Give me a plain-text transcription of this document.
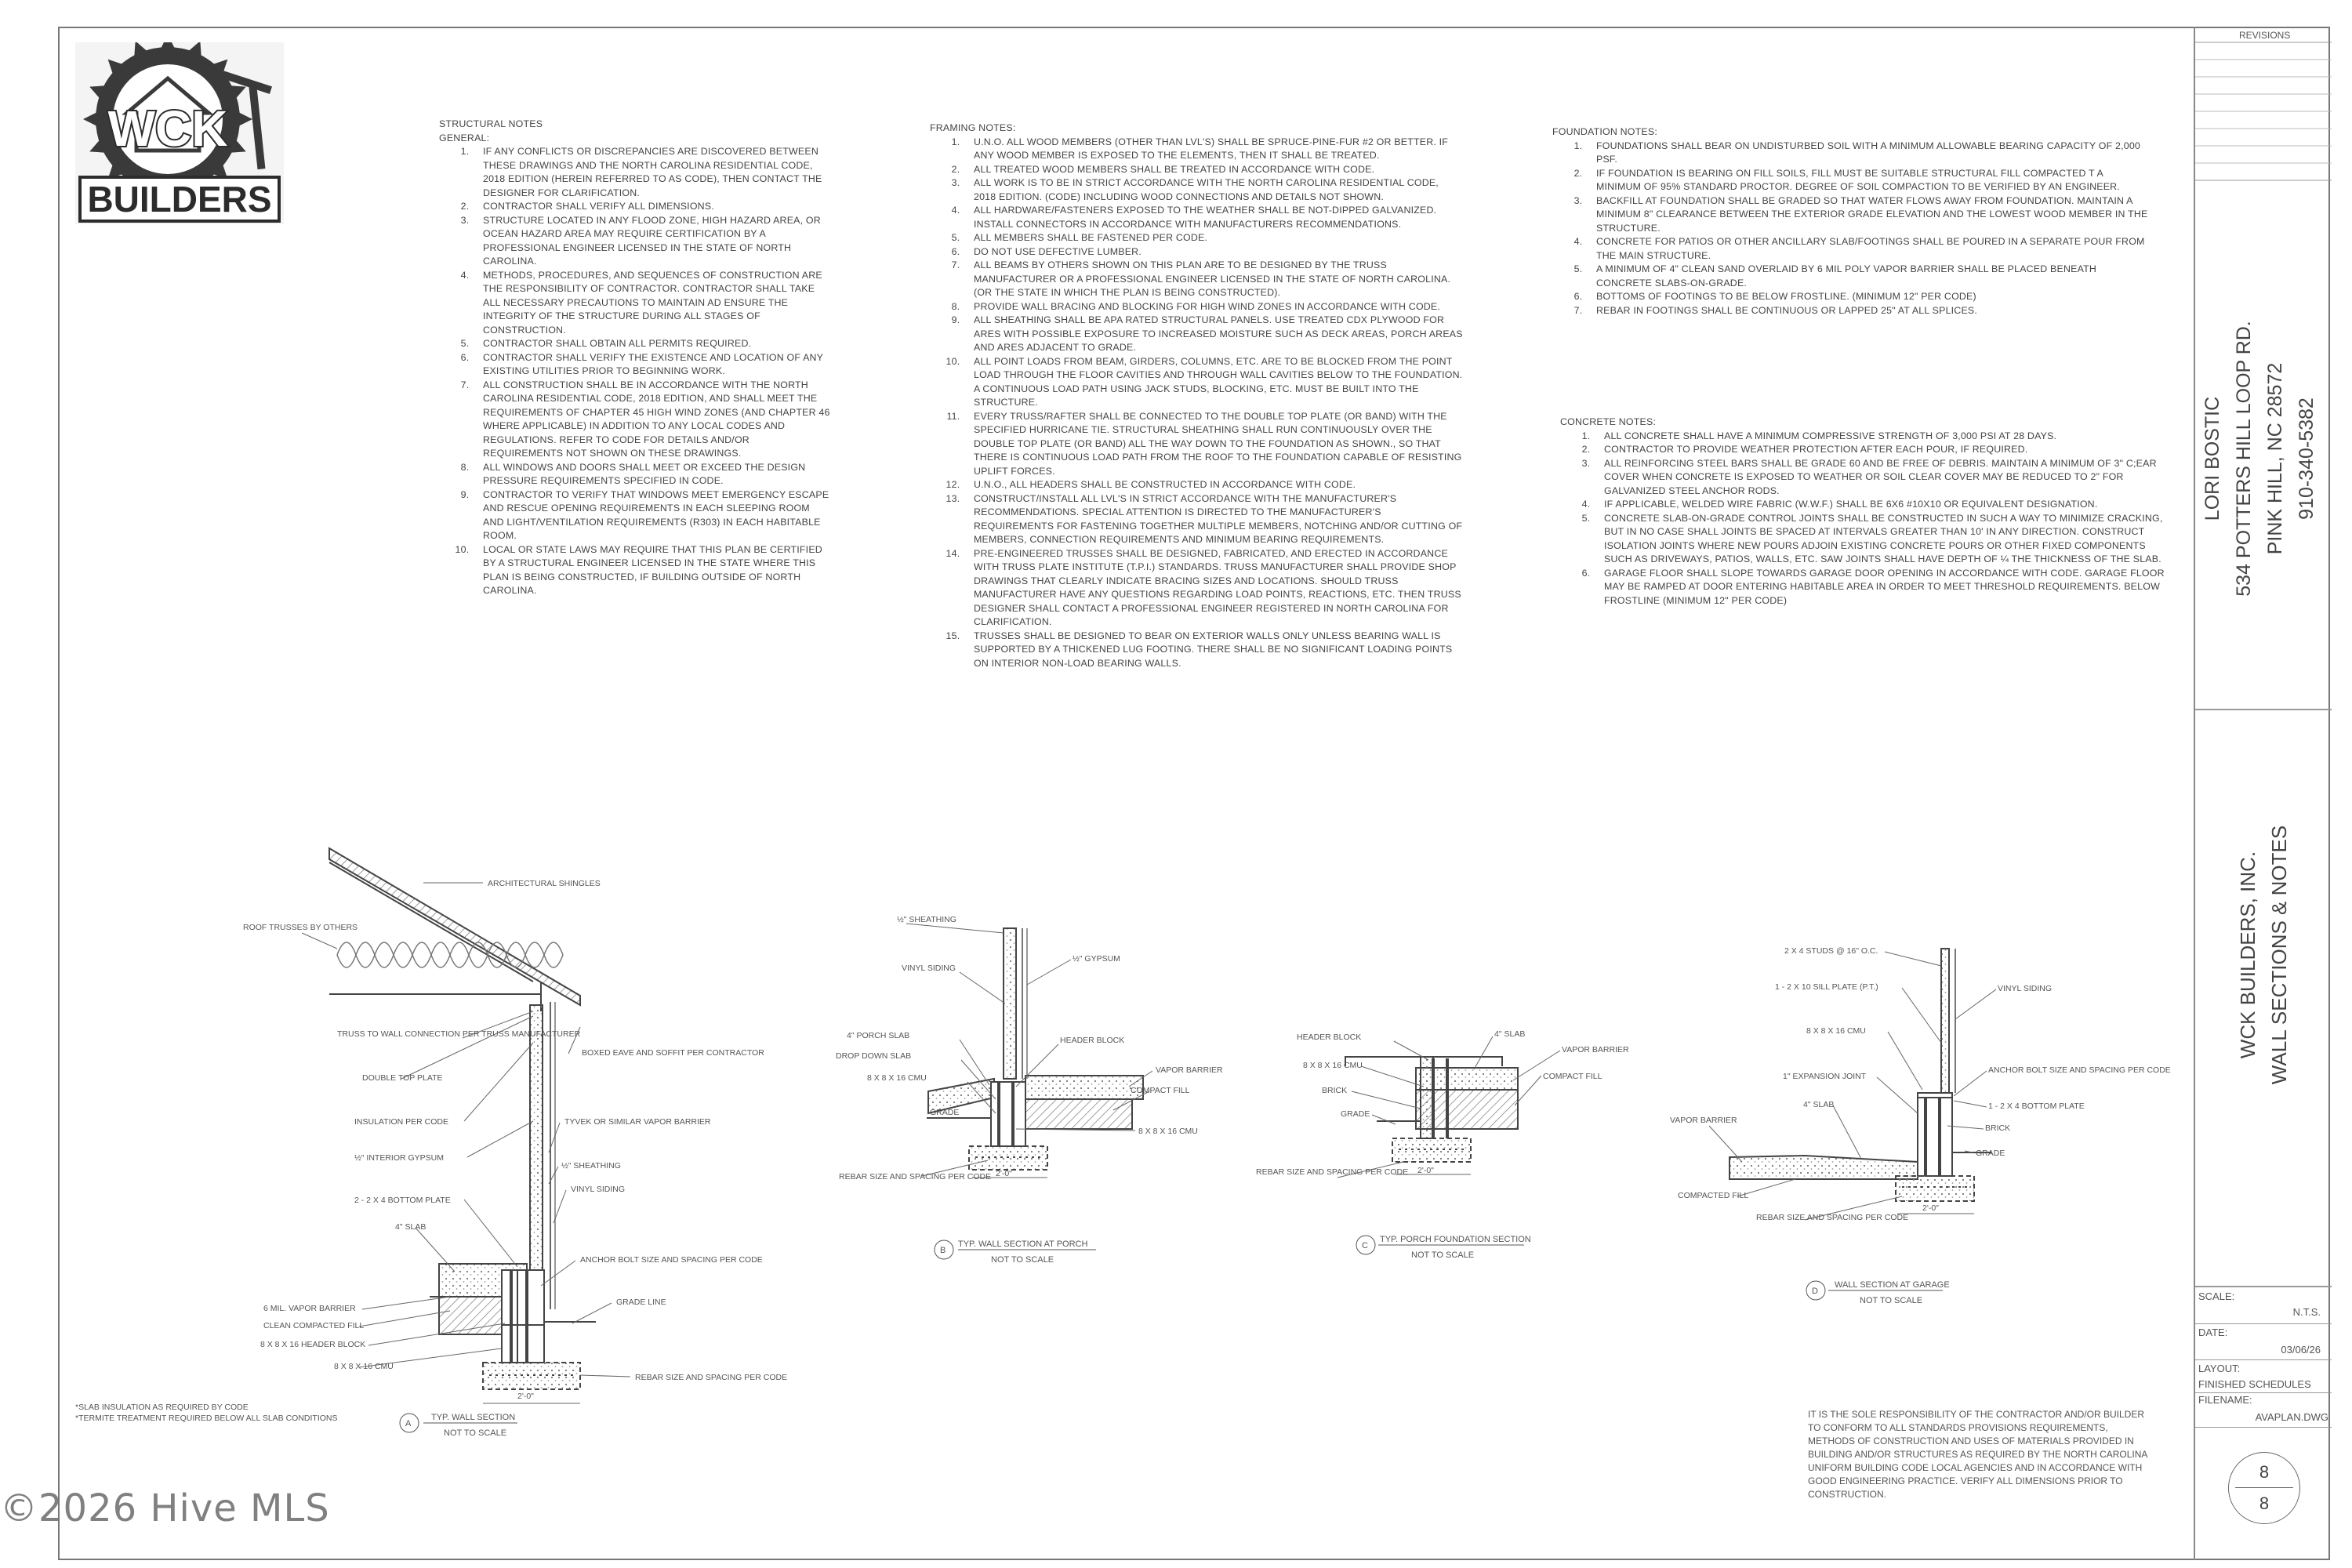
WCK
BUILDERS
STRUCTURAL NOTES
GENERAL:
1. IF ANY CONFLICTS OR DISCREPANCIES ARE DISCOVERED BETWEEN THESE DRAWINGS AND THE NORTH CAROLINA RESIDENTIAL CODE, 2018 EDITION (HEREIN REFERRED TO AS CODE), THEN CONTACT THE DESIGNER FOR CLARIFICATION.
2. CONTRACTOR SHALL VERIFY ALL DIMENSIONS.
3. STRUCTURE LOCATED IN ANY FLOOD ZONE, HIGH HAZARD AREA, OR OCEAN HAZARD AREA MAY REQUIRE CERTIFICATION BY A PROFESSIONAL ENGINEER LICENSED IN THE STATE OF NORTH CAROLINA.
4. METHODS, PROCEDURES, AND SEQUENCES OF CONSTRUCTION ARE THE RESPONSIBILITY OF CONTRACTOR. CONTRACTOR SHALL TAKE ALL NECESSARY PRECAUTIONS TO MAINTAIN AD ENSURE THE INTEGRITY OF THE STRUCTURE DURING ALL STAGES OF CONSTRUCTION.
5. CONTRACTOR SHALL OBTAIN ALL PERMITS REQUIRED.
6. CONTRACTOR SHALL VERIFY THE EXISTENCE AND LOCATION OF ANY EXISTING UTILITIES PRIOR TO BEGINNING WORK.
7. ALL CONSTRUCTION SHALL BE IN ACCORDANCE WITH THE NORTH CAROLINA RESIDENTIAL CODE, 2018 EDITION, AND SHALL MEET THE REQUIREMENTS OF CHAPTER 45 HIGH WIND ZONES (AND CHAPTER 46 WHERE APPLICABLE) IN ADDITION TO ANY LOCAL CODES AND REGULATIONS. REFER TO CODE FOR DETAILS AND/OR REQUIREMENTS NOT SHOWN ON THESE DRAWINGS.
8. ALL WINDOWS AND DOORS SHALL MEET OR EXCEED THE DESIGN PRESSURE REQUIREMENTS SPECIFIED IN CODE.
9. CONTRACTOR TO VERIFY THAT WINDOWS MEET EMERGENCY ESCAPE AND RESCUE OPENING REQUIREMENTS IN EACH SLEEPING ROOM AND LIGHT/VENTILATION REQUIREMENTS (R303) IN EACH HABITABLE ROOM.
10. LOCAL OR STATE LAWS MAY REQUIRE THAT THIS PLAN BE CERTIFIED BY A STRUCTURAL ENGINEER LICENSED IN THE STATE WHERE THIS PLAN IS BEING CONSTRUCTED, IF BUILDING OUTSIDE OF NORTH CAROLINA.
FRAMING NOTES:
1. U.N.O. ALL WOOD MEMBERS (OTHER THAN LVL'S) SHALL BE SPRUCE-PINE-FUR #2 OR BETTER. IF ANY WOOD MEMBER IS EXPOSED TO THE ELEMENTS, THEN IT SHALL BE TREATED.
2. ALL TREATED WOOD MEMBERS SHALL BE TREATED IN ACCORDANCE WITH CODE.
3. ALL WORK IS TO BE IN STRICT ACCORDANCE WITH THE NORTH CAROLINA RESIDENTIAL CODE, 2018 EDITION. (CODE) INCLUDING WOOD CONNECTIONS AND DETAILS NOT SHOWN.
4. ALL HARDWARE/FASTENERS EXPOSED TO THE WEATHER SHALL BE NOT-DIPPED GALVANIZED. INSTALL CONNECTORS IN ACCORDANCE WITH MANUFACTURERS RECOMMENDATIONS.
5. ALL MEMBERS SHALL BE FASTENED PER CODE.
6. DO NOT USE DEFECTIVE LUMBER.
7. ALL BEAMS BY OTHERS SHOWN ON THIS PLAN ARE TO BE DESIGNED BY THE TRUSS MANUFACTURER OR A PROFESSIONAL ENGINEER LICENSED IN THE STATE OF NORTH CAROLINA. (OR THE STATE IN WHICH THE PLAN IS BEING CONSTRUCTED).
8. PROVIDE WALL BRACING AND BLOCKING FOR HIGH WIND ZONES IN ACCORDANCE WITH CODE.
9. ALL SHEATHING SHALL BE APA RATED STRUCTURAL PANELS. USE TREATED CDX PLYWOOD FOR ARES WITH POSSIBLE EXPOSURE TO INCREASED MOISTURE SUCH AS DECK AREAS, PORCH AREAS AND ARES ADJACENT TO GRADE.
10. ALL POINT LOADS FROM BEAM, GIRDERS, COLUMNS, ETC. ARE TO BE BLOCKED FROM THE POINT LOAD THROUGH THE FLOOR CAVITIES AND THROUGH WALL CAVITIES BELOW TO THE FOUNDATION. A CONTINUOUS LOAD PATH USING JACK STUDS, BLOCKING, ETC. MUST BE BUILT INTO THE STRUCTURE.
11. EVERY TRUSS/RAFTER SHALL BE CONNECTED TO THE DOUBLE TOP PLATE (OR BAND) WITH THE SPECIFIED HURRICANE TIE. STRUCTURAL SHEATHING SHALL RUN CONTINUOUSLY OVER THE DOUBLE TOP PLATE (OR BAND) ALL THE WAY DOWN TO THE FOUNDATION AS SHOWN., SO THAT THERE IS CONTINUOUS LOAD PATH FROM THE ROOF TO THE FOUNDATION CAPABLE OF RESISTING UPLIFT FORCES.
12. U.N.O., ALL HEADERS SHALL BE CONSTRUCTED IN ACCORDANCE WITH CODE.
13. CONSTRUCT/INSTALL ALL LVL'S IN STRICT ACCORDANCE WITH THE MANUFACTURER'S RECOMMENDATIONS. SPECIAL ATTENTION IS DIRECTED TO THE MANUFACTURER'S REQUIREMENTS FOR FASTENING TOGETHER MULTIPLE MEMBERS, NOTCHING AND/OR CUTTING OF MEMBERS, CONNECTION REQUIREMENTS AND MINIMUM BEARING REQUIREMENTS.
14. PRE-ENGINEERED TRUSSES SHALL BE DESIGNED, FABRICATED, AND ERECTED IN ACCORDANCE WITH TRUSS PLATE INSTITUTE (T.P.I.) STANDARDS. TRUSS MANUFACTURER SHALL PROVIDE SHOP DRAWINGS THAT CLEARLY INDICATE BRACING SIZES AND LOCATIONS. SHOULD TRUSS MANUFACTURER HAVE ANY QUESTIONS REGARDING LOAD POINTS, REACTIONS, ETC. THEN TRUSS DESIGNER SHALL CONTACT A PROFESSIONAL ENGINEER REGISTERED IN NORTH CAROLINA FOR CLARIFICATION.
15. TRUSSES SHALL BE DESIGNED TO BEAR ON EXTERIOR WALLS ONLY UNLESS BEARING WALL IS SUPPORTED BY A THICKENED LUG FOOTING. THERE SHALL BE NO SIGNIFICANT LOADING POINTS ON INTERIOR NON-LOAD BEARING WALLS.
FOUNDATION NOTES:
1. FOUNDATIONS SHALL BEAR ON UNDISTURBED SOIL WITH A MINIMUM ALLOWABLE BEARING CAPACITY OF 2,000 PSF.
2. IF FOUNDATION IS BEARING ON FILL SOILS, FILL MUST BE SUITABLE STRUCTURAL FILL COMPACTED T A MINIMUM OF 95% STANDARD PROCTOR. DEGREE OF SOIL COMPACTION TO BE VERIFIED BY AN ENGINEER.
3. BACKFILL AT FOUNDATION SHALL BE GRADED SO THAT WATER FLOWS AWAY FROM FOUNDATION. MAINTAIN A MINIMUM 8" CLEARANCE BETWEEN THE EXTERIOR GRADE ELEVATION AND THE LOWEST WOOD MEMBER IN THE STRUCTURE.
4. CONCRETE FOR PATIOS OR OTHER ANCILLARY SLAB/FOOTINGS SHALL BE POURED IN A SEPARATE POUR FROM THE MAIN STRUCTURE.
5. A MINIMUM OF 4" CLEAN SAND OVERLAID BY 6 MIL POLY VAPOR BARRIER SHALL BE PLACED BENEATH CONCRETE SLABS-ON-GRADE.
6. BOTTOMS OF FOOTINGS TO BE BELOW FROSTLINE. (MINIMUM 12" PER CODE)
7. REBAR IN FOOTINGS SHALL BE CONTINUOUS OR LAPPED 25" AT ALL SPLICES.
CONCRETE NOTES:
1. ALL CONCRETE SHALL HAVE A MINIMUM COMPRESSIVE STRENGTH OF 3,000 PSI AT 28 DAYS.
2. CONTRACTOR TO PROVIDE WEATHER PROTECTION AFTER EACH POUR, IF REQUIRED.
3. ALL REINFORCING STEEL BARS SHALL BE GRADE 60 AND BE FREE OF DEBRIS. MAINTAIN A MINIMUM OF 3" C;EAR COVER WHEN CONCRETE IS EXPOSED TO WEATHER OR SOIL CLEAR COVER MAY BE REDUCED TO 2" FOR GALVANIZED STEEL ANCHOR RODS.
4. IF APPLICABLE, WELDED WIRE FABRIC (W.W.F.) SHALL BE 6X6 #10X10 OR EQUIVALENT DESIGNATION.
5. CONCRETE SLAB-ON-GRADE CONTROL JOINTS SHALL BE CONSTRUCTED IN SUCH A WAY TO MINIMIZE CRACKING, BUT IN NO CASE SHALL JOINTS BE SPACED AT INTERVALS GREATER THAN 10' IN ANY DIRECTION. CONSTRUCT ISOLATION JOINTS WHERE NEW POURS ADJOIN EXISTING CONCRETE POURS OR OTHER FIXED COMPONENTS SUCH AS DRIVEWAYS, PATIOS, WALLS, ETC. SAW JOINTS SHALL HAVE DEPTH OF ¼ THE THICKNESS OF THE SLAB.
6. GARAGE FLOOR SHALL SLOPE TOWARDS GARAGE DOOR OPENING IN ACCORDANCE WITH CODE. GARAGE FLOOR MAY BE RAMPED AT DOOR ENTERING HABITABLE AREA IN ORDER TO MEET THRESHOLD REQUIREMENTS. BELOW FROSTLINE (MINIMUM 12" PER CODE)
ARCHITECTURAL SHINGLES
ROOF TRUSSES BY OTHERS
TRUSS TO WALL CONNECTION PER TRUSS MANUFACTURER
BOXED EAVE AND SOFFIT PER CONTRACTOR
DOUBLE TOP PLATE
INSULATION PER CODE	TYVEK OR SIMILAR VAPOR BARRIER
½" INTERIOR GYPSUM
½" SHEATHING
VINYL SIDING
2 - 2 X 4 BOTTOM PLATE
4" SLAB
ANCHOR BOLT SIZE AND SPACING PER CODE
GRADE LINE
6 MIL. VAPOR BARRIER
CLEAN COMPACTED FILL
8 X 8 X 16 HEADER BLOCK
8 X 8 X 16 CMU
REBAR SIZE AND SPACING PER CODE
2'-0"
A
TYP. WALL SECTION
NOT TO SCALE
*SLAB INSULATION AS REQUIRED BY CODE
*TERMITE TREATMENT REQUIRED BELOW ALL SLAB CONDITIONS
½" SHEATHING
½" GYPSUM
VINYL SIDING
4" PORCH SLAB
DROP DOWN SLAB
8 X 8 X 16 CMU
GRADE
HEADER BLOCK
VAPOR BARRIER
COMPACT FILL
8 X 8 X 16 CMU
REBAR SIZE AND SPACING PER CODE 2'-0"
B
TYP. WALL SECTION AT PORCH
NOT TO SCALE
HEADER BLOCK	4" SLAB
VAPOR BARRIER
8 X 8 X 16 CMU
COMPACT FILL
BRICK
GRADE
REBAR SIZE AND SPACING PER CODE 2'-0"
C
TYP. PORCH FOUNDATION SECTION
NOT TO SCALE
2 X 4 STUDS @ 16" O.C.
VINYL SIDING
1 - 2 X 10 SILL PLATE (P.T.)
8 X 8 X 16 CMU
ANCHOR BOLT SIZE AND SPACING PER CODE
1" EXPANSION JOINT
1 - 2 X 4 BOTTOM PLATE
4" SLAB
BRICK
VAPOR BARRIER
GRADE
COMPACTED FILL
REBAR SIZE AND SPACING PER CODE
2'-0"
D
WALL SECTION AT GARAGE
NOT TO SCALE
IT IS THE SOLE RESPONSIBILITY OF THE CONTRACTOR AND/OR BUILDER TO CONFORM TO ALL STANDARDS PROVISIONS REQUIREMENTS, METHODS OF CONSTRUCTION AND USES OF MATERIALS PROVIDED IN BUILDING AND/OR STRUCTURES AS REQUIRED BY THE NORTH CAROLINA UNIFORM BUILDING CODE LOCAL AGENCIES AND IN ACCORDANCE WITH GOOD ENGINEERING PRACTICE. VERIFY ALL DIMENSIONS PRIOR TO CONSTRUCTION.
REVISIONS
LORI BOSTIC 534 POTTERS HILL LOOP RD. PINK HILL, NC 28572 910-340-5382
WCK BUILDERS, INC. WALL SECTIONS & NOTES
SCALE:
N.T.S.
DATE:
03/06/26
LAYOUT:
FINISHED SCHEDULES
FILENAME:
AVAPLAN.DWG
8
8
©2026 Hive MLS
